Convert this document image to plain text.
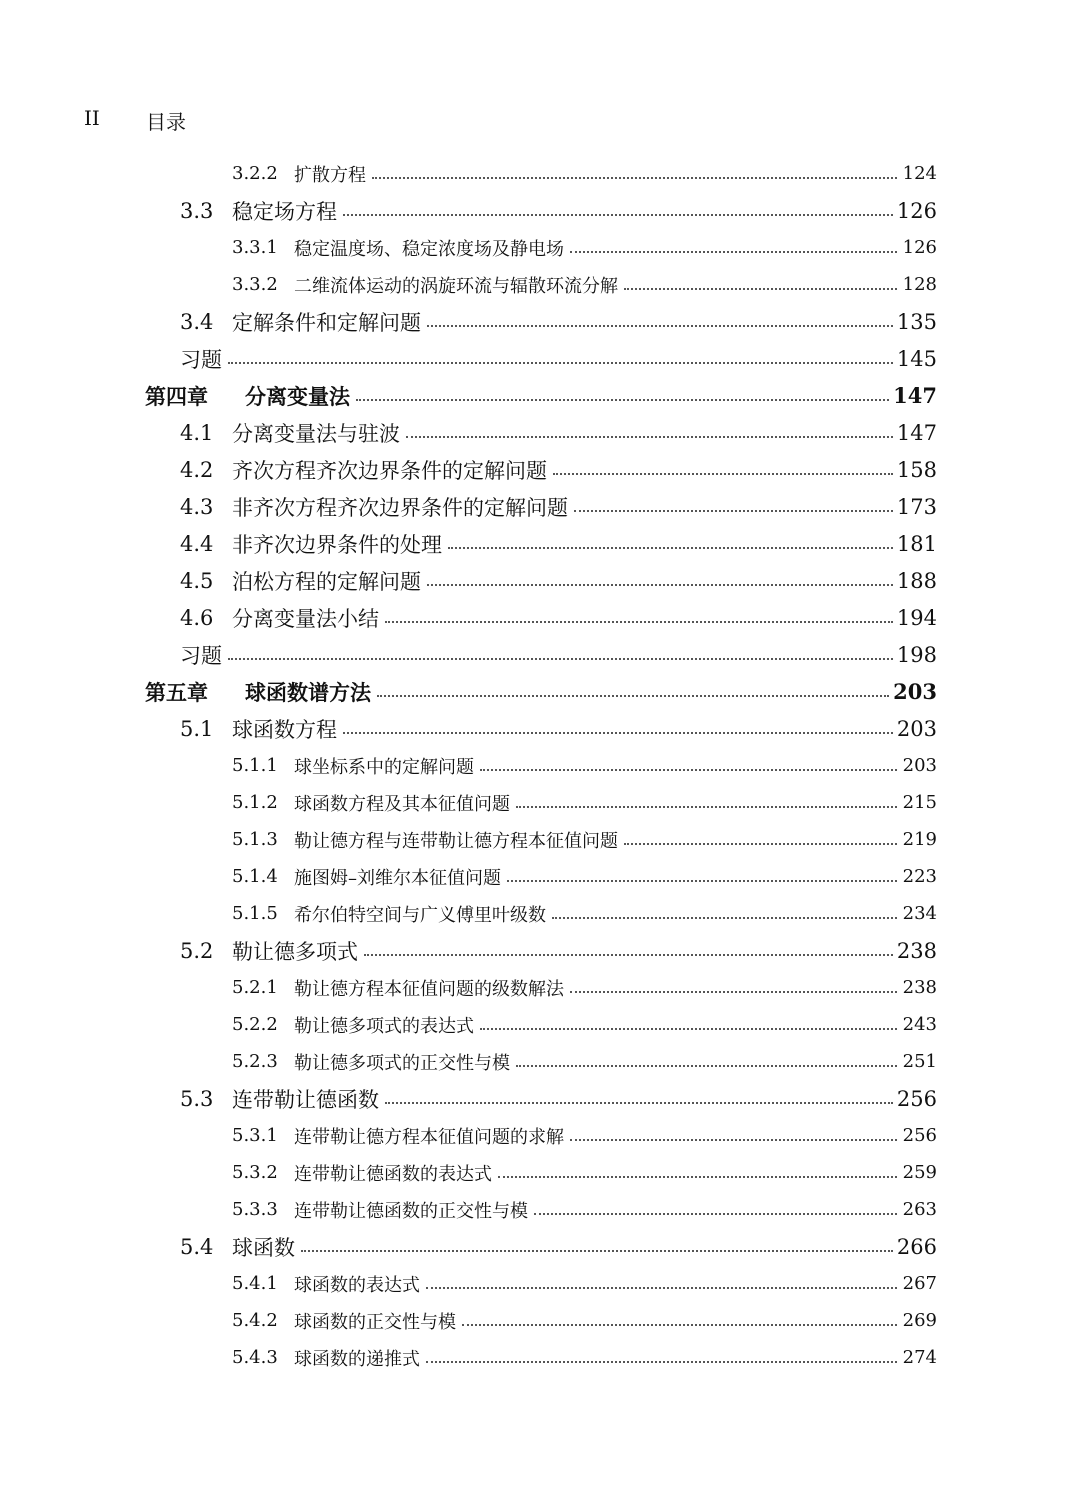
II 目录
3.2.2 扩散方程	124
3.3 稳定场方程	126
3.3.1 稳定温度场、稳定浓度场及静电场	126
3.3.2 二维流体运动的涡旋环流与辐散环流分解	128
3.4 定解条件和定解问题	135
习题	145
第四章	分离变量法	147
4.1 分离变量法与驻波	147
4.2 齐次方程齐次边界条件的定解问题	158
4.3 非齐次方程齐次边界条件的定解问题	173
4.4 非齐次边界条件的处理	181
4.5 泊松方程的定解问题	188
4.6 分离变量法小结	194
习题	198
第五章	球函数谱方法	203
5.1 球函数方程	203
5.1.1 球坐标系中的定解问题	203
5.1.2 球函数方程及其本征值问题	215
5.1.3 勒让德方程与连带勒让德方程本征值问题	219
5.1.4 施图姆–刘维尔本征值问题	223
5.1.5 希尔伯特空间与广义傅里叶级数	234
5.2 勒让德多项式	238
5.2.1 勒让德方程本征值问题的级数解法	238
5.2.2 勒让德多项式的表达式	243
5.2.3 勒让德多项式的正交性与模	251
5.3 连带勒让德函数	256
5.3.1 连带勒让德方程本征值问题的求解	256
5.3.2 连带勒让德函数的表达式	259
5.3.3 连带勒让德函数的正交性与模	263
5.4 球函数	266
5.4.1 球函数的表达式	267
5.4.2 球函数的正交性与模	269
5.4.3 球函数的递推式	274
